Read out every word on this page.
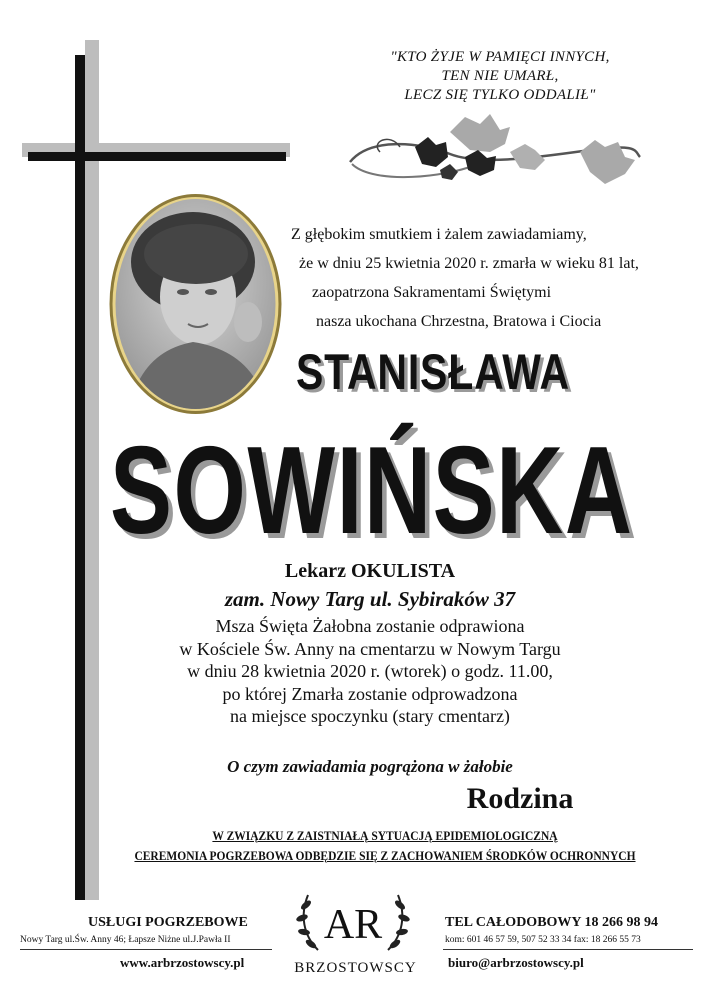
"KTO ŻYJE W PAMIĘCI INNYCH,
TEN NIE UMARŁ,
LECZ SIĘ TYLKO ODDALIŁ"
Z głębokim smutkiem i żalem zawiadamiamy,
że w dniu 25 kwietnia 2020 r. zmarła w wieku 81 lat,
zaopatrzona Sakramentami Świętymi
nasza ukochana Chrzestna, Bratowa i Ciocia
STANISŁAWA
SOWIŃSKA
Lekarz OKULISTA
zam. Nowy Targ ul. Sybiraków 37
Msza Święta Żałobna zostanie odprawiona
w Kościele Św. Anny na cmentarzu w Nowym Targu
w dniu 28 kwietnia 2020 r. (wtorek) o godz. 11.00,
po której Zmarła zostanie odprowadzona
na miejsce spoczynku (stary cmentarz)
O czym zawiadamia pogrążona w żałobie
Rodzina
W ZWIĄZKU Z ZAISTNIAŁĄ SYTUACJĄ EPIDEMIOLOGICZNĄ
CEREMONIA POGRZEBOWA ODBĘDZIE SIĘ Z ZACHOWANIEM ŚRODKÓW OCHRONNYCH
USŁUGI POGRZEBOWE
Nowy Targ ul.Św. Anny 46; Łapsze Niżne ul.J.Pawła II
www.arbrzostowscy.pl
AR
BRZOSTOWSCY
TEL CAŁODOBOWY 18 266 98 94
kom: 601 46 57 59, 507 52 33 34 fax: 18 266 55 73
biuro@arbrzostowscy.pl
